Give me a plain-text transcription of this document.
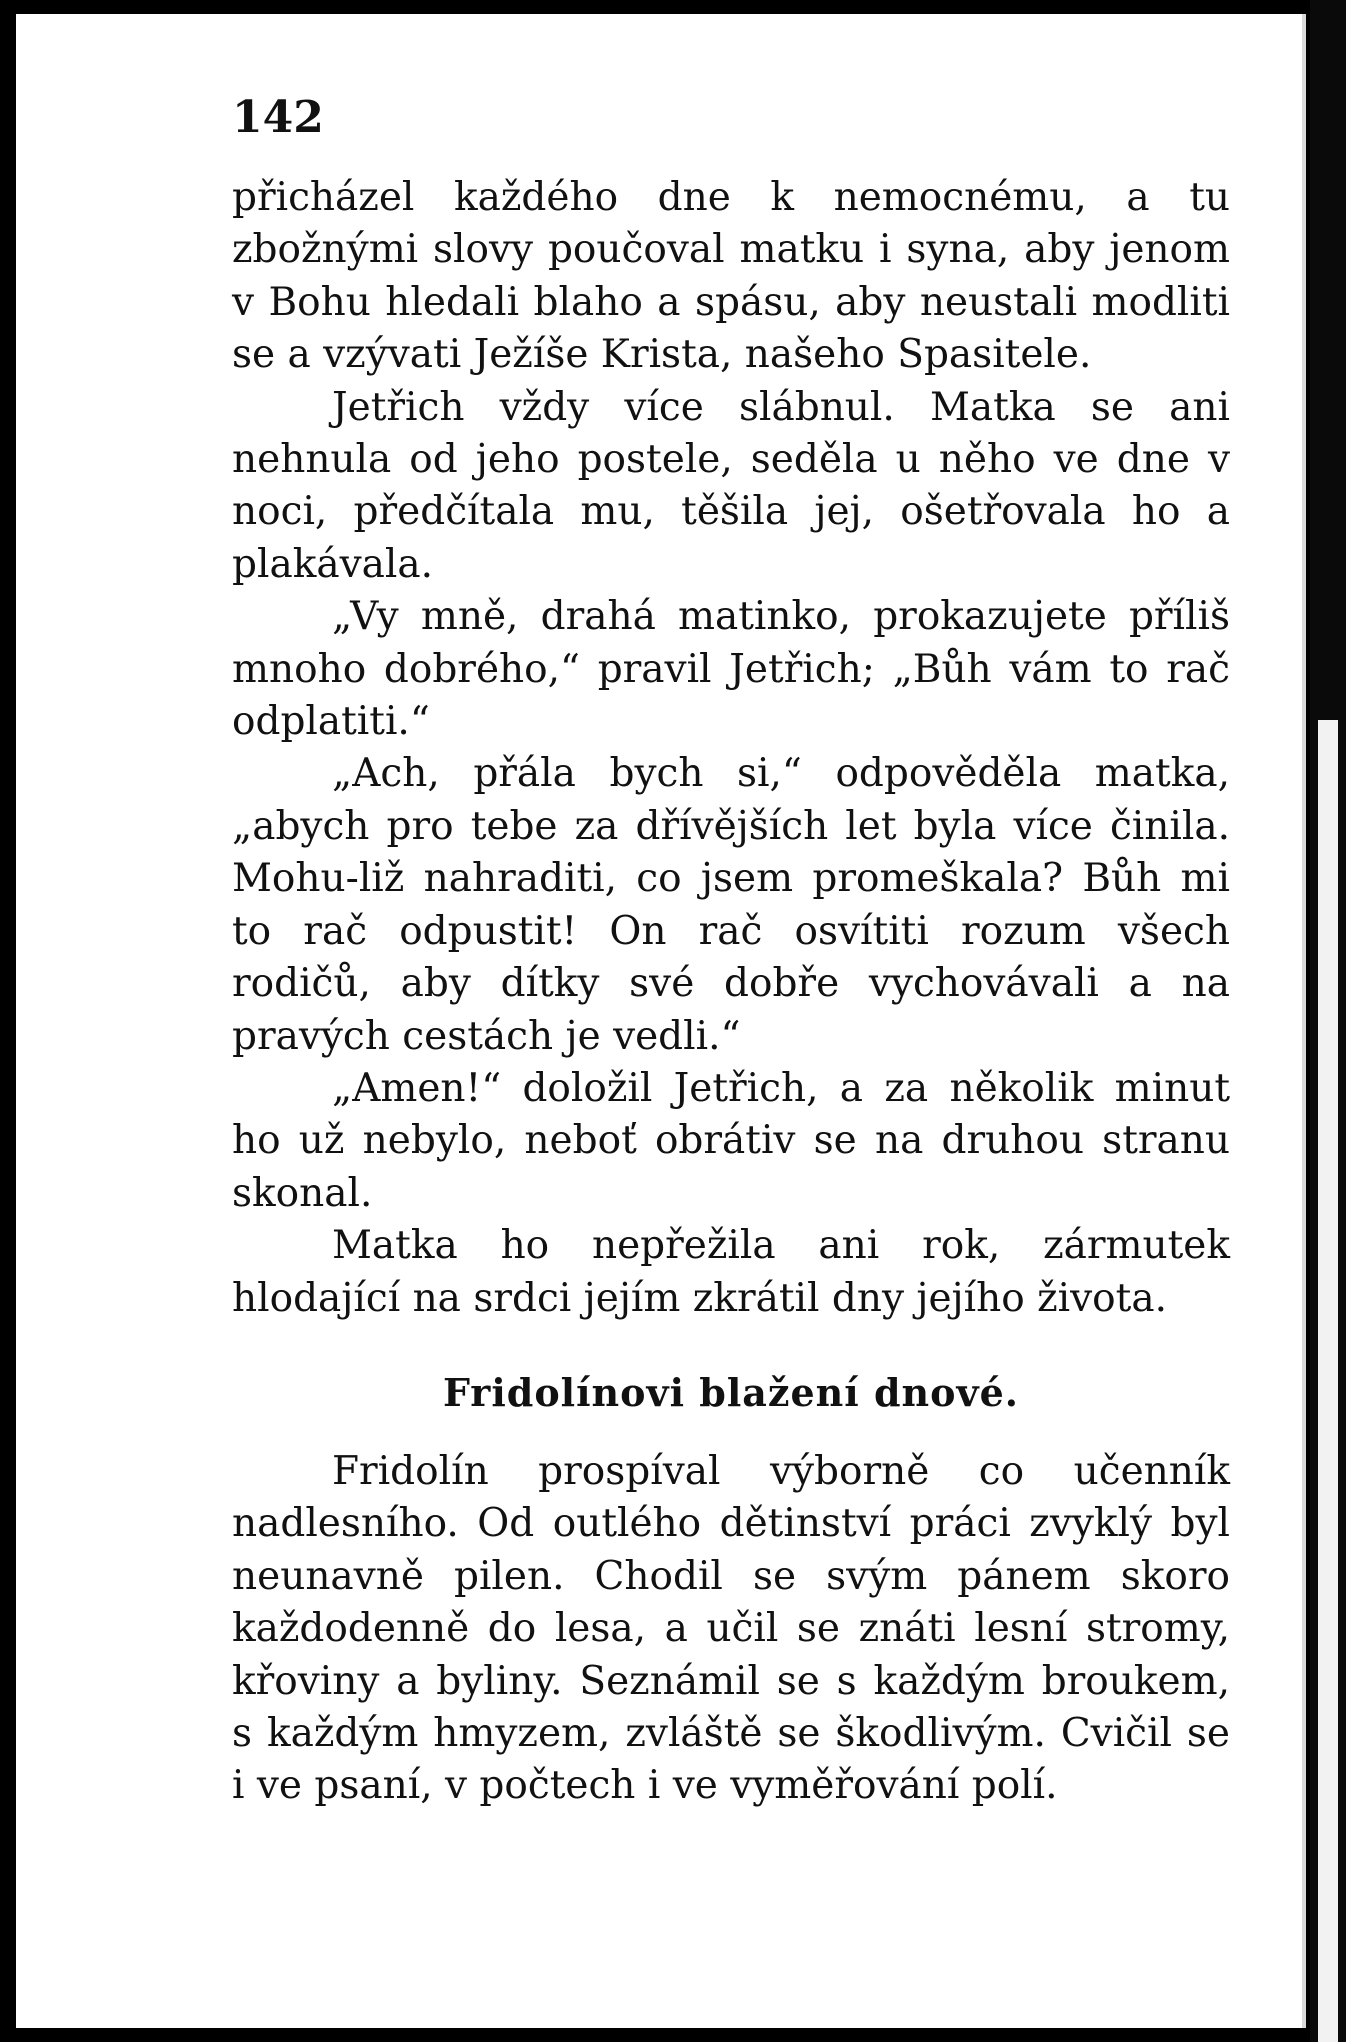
142

přicházel každého dne k nemocnému, a tu zbožnými slovy poučoval matku i syna, aby jenom v Bohu hledali blaho a spásu, aby neustali modliti se a vzývati Ježíše Krista, našeho Spasitele.

Jetřich vždy více slábnul. Matka se ani nehnula od jeho postele, seděla u něho ve dne v noci, předčítala mu, těšila jej, ošetřovala ho a plakávala.

„Vy mně, drahá matinko, prokazujete příliš mnoho dobrého,“ pravil Jetřich; „Bůh vám to rač odplatiti.“

„Ach, přála bych si,“ odpověděla matka, „abych pro tebe za dřívějších let byla více činila. Mohu-liž nahraditi, co jsem promeškala? Bůh mi to rač odpustit! On rač osvítiti rozum všech rodičů, aby dítky své dobře vychovávali a na pravých cestách je vedli.“

„Amen!“ doložil Jetřich, a za několik minut ho už nebylo, neboť obrátiv se na druhou stranu skonal.

Matka ho nepřežila ani rok, zármutek hlodající na srdci jejím zkrátil dny jejího života.

Fridolínovi blažení dnové.

Fridolín prospíval výborně co učenník nadlesního. Od outlého dětinství práci zvyklý byl neunavně pilen. Chodil se svým pánem skoro každodenně do lesa, a učil se znáti lesní stromy, křoviny a byliny. Seznámil se s každým broukem, s každým hmyzem, zvláště se škodlivým. Cvičil se i ve psaní, v počtech i ve vyměřování polí.
